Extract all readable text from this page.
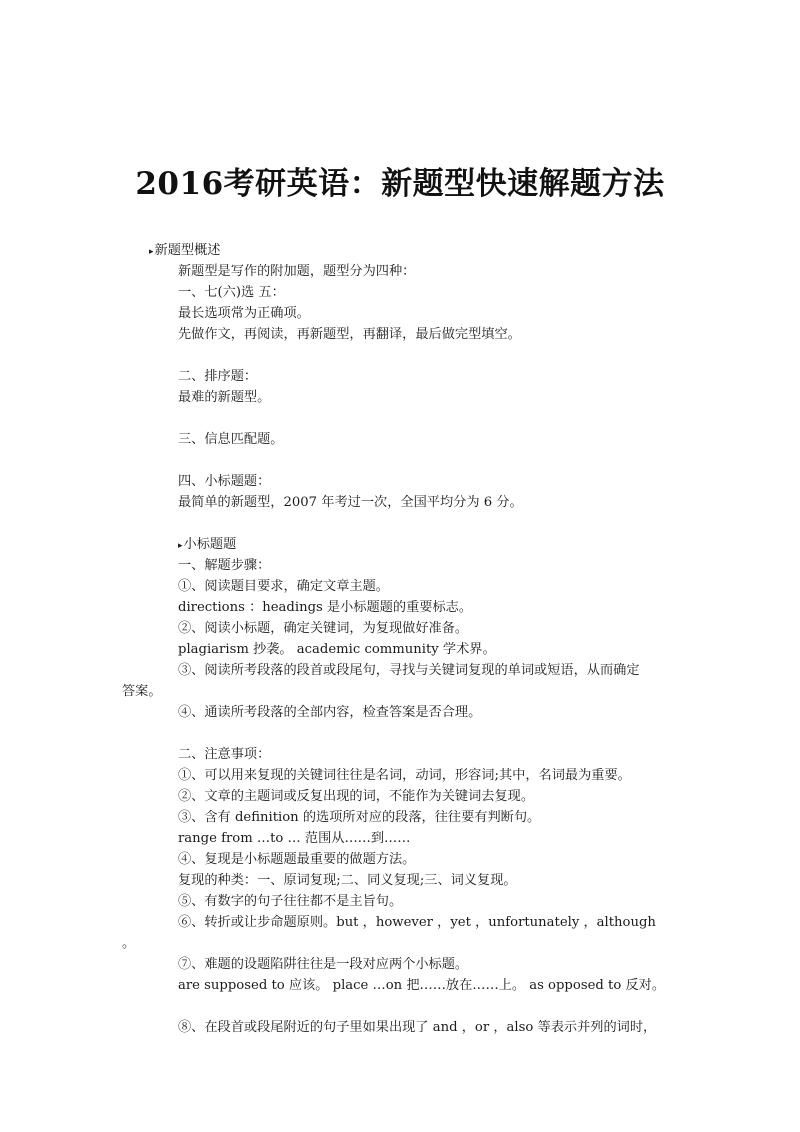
2016考研英语：新题型快速解题方法
▸新题型概述
新题型是写作的附加题，题型分为四种：
一、七(六)选 五：
最长选项常为正确项。
先做作文，再阅读，再新题型，再翻译，最后做完型填空。
二、排序题：
最难的新题型。
三、信息匹配题。
四、小标题题：
最简单的新题型，2007 年考过一次，全国平均分为 6 分。
▸小标题题
一、解题步骤：
①、阅读题目要求，确定文章主题。
directions ：headings 是小标题题的重要标志。
②、阅读小标题，确定关键词，为复现做好准备。
plagiarism 抄袭。 academic community 学术界。
③、阅读所考段落的段首或段尾句，寻找与关键词复现的单词或短语，从而确定
答案。
④、通读所考段落的全部内容，检查答案是否合理。
二、注意事项：
①、可以用来复现的关键词往往是名词，动词，形容词;其中，名词最为重要。
②、文章的主题词或反复出现的词，不能作为关键词去复现。
③、含有 definition 的选项所对应的段落，往往要有判断句。
range from …to … 范围从……到……
④、复现是小标题题最重要的做题方法。
复现的种类：一、原词复现;二、同义复现;三、词义复现。
⑤、有数字的句子往往都不是主旨句。
⑥、转折或让步命题原则。but ，however ，yet ，unfortunately ，although
。
⑦、难题的设题陷阱往往是一段对应两个小标题。
are supposed to 应该。 place …on 把……放在……上。 as opposed to 反对。
⑧、在段首或段尾附近的句子里如果出现了 and ，or ，also 等表示并列的词时，
